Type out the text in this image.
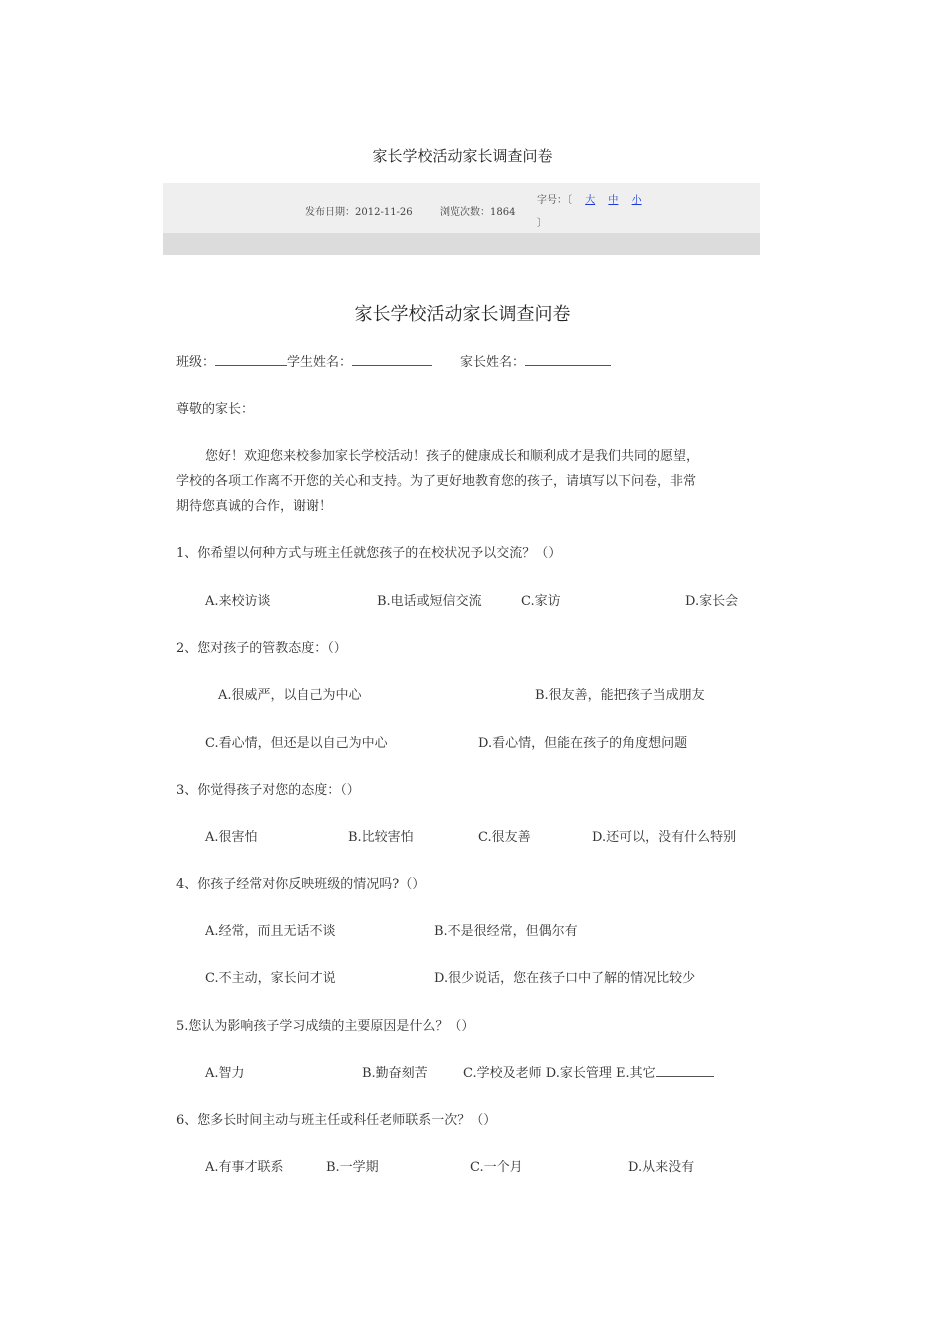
家长学校活动家长调查问卷
发布日期：2012-11-26	浏览次数：1864
字号：〔 大 中 小
〕
家长学校活动家长调查问卷
班级：	学生姓名：	家长姓名：
尊敬的家长：
您好！欢迎您来校参加家长学校活动！孩子的健康成长和顺利成才是我们共同的愿望，
学校的各项工作离不开您的关心和支持。为了更好地教育您的孩子，请填写以下问卷，非常
期待您真诚的合作，谢谢！
1、你希望以何种方式与班主任就您孩子的在校状况予以交流？（）
A.来校访谈	B.电话或短信交流	C.家访	D.家长会
2、您对孩子的管教态度：（）
A.很威严，以自己为中心	B.很友善，能把孩子当成朋友
C.看心情，但还是以自己为中心	D.看心情，但能在孩子的角度想问题
3、你觉得孩子对您的态度：（）
A.很害怕	B.比较害怕	C.很友善	D.还可以，没有什么特别
4、你孩子经常对你反映班级的情况吗?（）
A.经常，而且无话不谈	B.不是很经常，但偶尔有
C.不主动，家长问才说	D.很少说话，您在孩子口中了解的情况比较少
5.您认为影响孩子学习成绩的主要原因是什么？（）
A.智力	B.勤奋刻苦	C.学校及老师 D.家长管理 E.其它
6、您多长时间主动与班主任或科任老师联系一次？（）
A.有事才联系	B.一学期	C.一个月	D.从来没有
